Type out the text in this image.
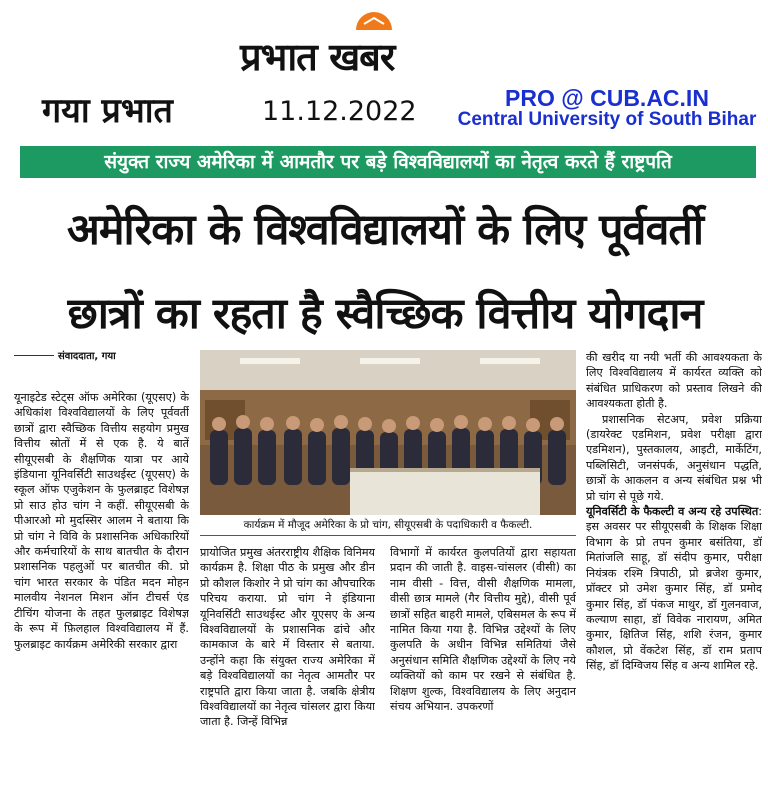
प्रभात खबर
गया प्रभात	11.12.2022	PRO @ CUB.AC.IN
Central University of South Bihar
संयुक्त राज्य अमेरिका में आमतौर पर बड़े विश्वविद्यालयों का नेतृत्व करते हैं राष्ट्रपति
अमेरिका के विश्वविद्यालयों के लिए पूर्ववर्ती
छात्रों का रहता है स्वैच्छिक वित्तीय योगदान
संवाददाता, गया
यूनाइटेड स्टेट्स ऑफ अमेरिका (यूएसए) के अधिकांश विश्वविद्यालयों के लिए पूर्ववर्ती छात्रों द्वारा स्वैच्छिक वित्तीय सहयोग प्रमुख वित्तीय स्रोतों में से एक है. ये बातें सीयूएसबी के शैक्षणिक यात्रा पर आये इंडियाना यूनिवर्सिटी साउथईस्ट (यूएसए) के स्कूल ऑफ एजुकेशन के फुलब्राइट विशेषज्ञ प्रो साउ होउ चांग ने कहीं. सीयूएसबी के पीआरओ मो मुदस्सिर आलम ने बताया कि प्रो चांग ने विवि के प्रशासनिक अधिकारियों और कर्मचारियों के साथ बातचीत के दौरान प्रशासनिक पहलुओं पर बातचीत की. प्रो चांग भारत सरकार के पंडित मदन मोहन मालवीय नेशनल मिशन ऑन टीचर्स एंड टीचिंग योजना के तहत फुलब्राइट विशेषज्ञ के रूप में फ़िलहाल विश्वविद्यालय में हैं. फुलब्राइट कार्यक्रम अमेरिकी सरकार द्वारा
कार्यक्रम में मौजूद अमेरिका के प्रो चांग, सीयूएसबी के पदाधिकारी व फैकल्टी.
प्रायोजित प्रमुख अंतरराष्ट्रीय शैक्षिक विनिमय कार्यक्रम है. शिक्षा पीठ के प्रमुख और डीन प्रो कौशल किशोर ने प्रो चांग का औपचारिक परिचय कराया. प्रो चांग ने इंडियाना यूनिवर्सिटी साउथईस्ट और यूएसए के अन्य विश्वविद्यालयों के प्रशासनिक ढांचे और कामकाज के बारे में विस्तार से बताया. उन्होंने कहा कि संयुक्त राज्य अमेरिका में बड़े विश्वविद्यालयों का नेतृत्व आमतौर पर राष्ट्रपति द्वारा किया जाता है. जबकि क्षेत्रीय विश्वविद्यालयों का नेतृत्व चांसलर द्वारा किया जाता है. जिन्हें विभिन्न
विभागों में कार्यरत कुलपतियों द्वारा सहायता प्रदान की जाती है. वाइस-चांसलर (वीसी) का नाम वीसी - वित्त, वीसी शैक्षणिक मामला, वीसी छात्र मामले (गैर वित्तीय मुद्दे), वीसी पूर्व छात्रों सहित बाहरी मामले, एबिसमल के रूप में नामित किया गया है. विभिन्न उद्देश्यों के लिए कुलपति के अधीन विभिन्न समितियां जैसे अनुसंधान समिति शैक्षणिक उद्देश्यों के लिए नये व्यक्तियों को काम पर रखने से संबंधित है. शिक्षण शुल्क, विश्वविद्यालय के लिए अनुदान संचय अभियान. उपकरणों
की खरीद या नयी भर्ती की आवश्यकता के लिए विश्वविद्यालय में कार्यरत व्यक्ति को संबंधित प्राधिकरण को प्रस्ताव लिखने की आवश्यकता होती है.
प्रशासनिक सेटअप, प्रवेश प्रक्रिया (डायरेक्ट एडमिशन, प्रवेश परीक्षा द्वारा एडमिशन), पुस्तकालय, आइटी, मार्केटिंग, पब्लिसिटी, जनसंपर्क, अनुसंधान पद्धति, छात्रों के आकलन व अन्य संबंधित प्रश्न भी प्रो चांग से पूछे गये.
यूनिवर्सिटी के फैकल्टी व अन्य रहे उपस्थित: इस अवसर पर सीयूएसबी के शिक्षक शिक्षा विभाग के प्रो तपन कुमार बसंतिया, डॉ मितांजलि साहू, डॉ संदीप कुमार, परीक्षा नियंत्रक रश्मि त्रिपाठी, प्रो ब्रजेश कुमार, प्रॉक्टर प्रो उमेश कुमार सिंह, डॉ प्रमोद कुमार सिंह, डॉ पंकज माथुर, डॉ गुलनवाज, कल्याण साहा, डॉ विवेक नारायण, अमित कुमार, क्षितिज सिंह, शशि रंजन, कुमार कौशल, प्रो वेंकटेश सिंह, डॉ राम प्रताप सिंह, डॉ दिग्विजय सिंह व अन्य शामिल रहे.
